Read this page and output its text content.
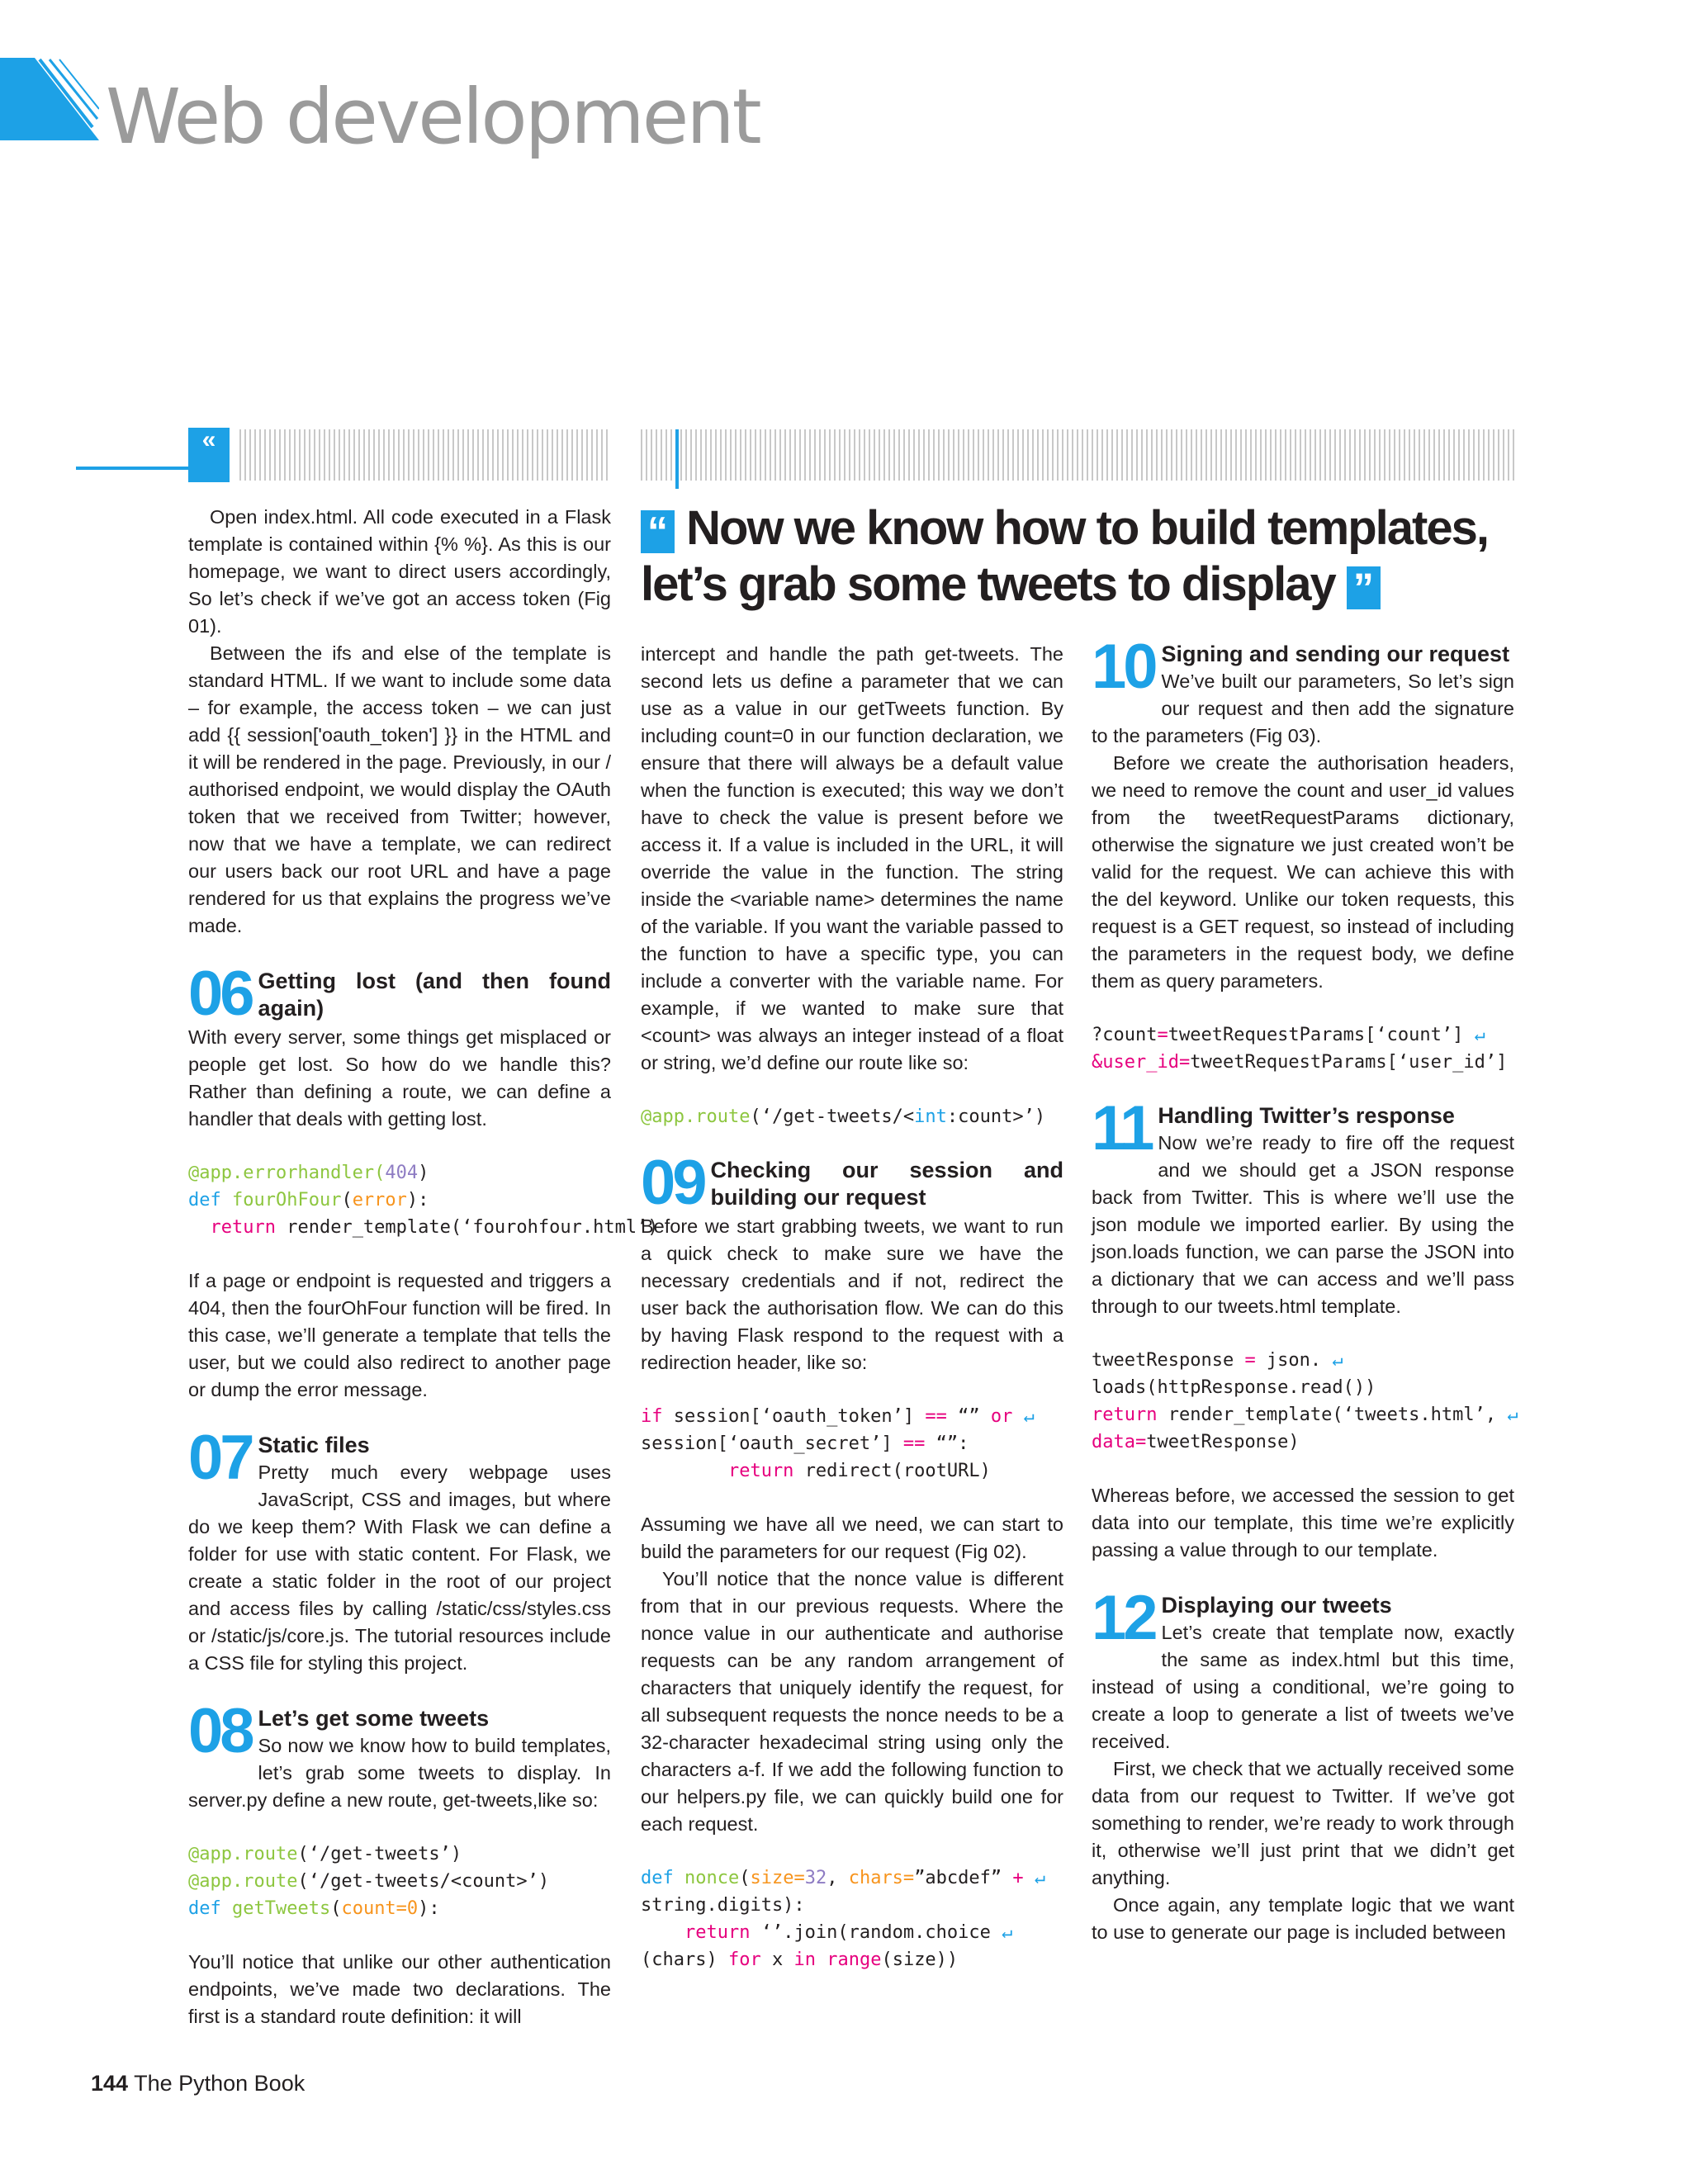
Web development
«
“ Now we know how to build templates, let’s grab some tweets to display ”

Open index.html. All code executed in a Flask template is contained within {% %}. As this is our homepage, we want to direct users accordingly, So let’s check if we’ve got an access token (Fig 01).

Between the ifs and else of the template is standard HTML. If we want to include some data – for example, the access token – we can just add {{ session['oauth_token'] }} in the HTML and it will be rendered in the page. Previously, in our / authorised endpoint, we would display the OAuth token that we received from Twitter; however, now that we have a template, we can redirect our users back our root URL and have a page rendered for us that explains the progress we’ve made.

06 Getting lost (and then found again)

With every server, some things get misplaced or people get lost. So how do we handle this? Rather than defining a route, we can define a handler that deals with getting lost.

@app.errorhandler(404)
def fourOhFour(error):
return render_template(‘fourohfour.html’)

If a page or endpoint is requested and triggers a 404, then the fourOhFour function will be fired. In this case, we’ll generate a template that tells the user, but we could also redirect to another page or dump the error message.

07 Static files

Pretty much every webpage uses JavaScript, CSS and images, but where do we keep them? With Flask we can define a folder for use with static content. For Flask, we create a static folder in the root of our project and access files by calling /static/css/styles.css or /static/js/core.js. The tutorial resources include a CSS file for styling this project.

08 Let’s get some tweets

So now we know how to build templates, let’s grab some tweets to display. In server.py define a new route, get-tweets,like so:

@app.route(‘/get-tweets’)
@app.route(‘/get-tweets/<count>’)
def getTweets(count=0):

You’ll notice that unlike our other authentication endpoints, we’ve made two declarations. The first is a standard route definition: it will

intercept and handle the path get-tweets. The second lets us define a parameter that we can use as a value in our getTweets function. By including count=0 in our function declaration, we ensure that there will always be a default value when the function is executed; this way we don’t have to check the value is present before we access it. If a value is included in the URL, it will override the value in the function. The string inside the <variable name> determines the name of the variable. If you want the variable passed to the function to have a specific type, you can include a converter with the variable name. For example, if we wanted to make sure that <count> was always an integer instead of a float or string, we’d define our route like so:

@app.route(‘/get-tweets/<int:count>’)
09 Checking our session and building our request

Before we start grabbing tweets, we want to run a quick check to make sure we have the necessary credentials and if not, redirect the user back the authorisation flow. We can do this by having Flask respond to the request with a redirection header, like so:

if session[‘oauth_token’] == “” or ↵
session[‘oauth_secret’] == “”:
return redirect(rootURL)

Assuming we have all we need, we can start to build the parameters for our request (Fig 02).

You’ll notice that the nonce value is different from that in our previous requests. Where the nonce value in our authenticate and authorise requests can be any random arrangement of characters that uniquely identify the request, for all subsequent requests the nonce needs to be a 32-character hexadecimal string using only the characters a-f. If we add the following function to our helpers.py file, we can quickly build one for each request.

def nonce(size=32, chars=”abcdef” + ↵
string.digits):
return ‘’.join(random.choice ↵
(chars) for x in range(size))
10 Signing and sending our request

We’ve built our parameters, So let’s sign our request and then add the signature to the parameters (Fig 03).

Before we create the authorisation headers, we need to remove the count and user_id values from the tweetRequestParams dictionary, otherwise the signature we just created won’t be valid for the request. We can achieve this with the del keyword. Unlike our token requests, this request is a GET request, so instead of including the parameters in the request body, we define them as query parameters.

?count=tweetRequestParams[‘count’] ↵
&user_id=tweetRequestParams[‘user_id’]
11 Handling Twitter’s response

Now we’re ready to fire off the request and we should get a JSON response back from Twitter. This is where we’ll use the json module we imported earlier. By using the json.loads function, we can parse the JSON into a dictionary that we can access and we’ll pass through to our tweets.html template.

tweetResponse = json. ↵
loads(httpResponse.read())
return render_template(‘tweets.html’, ↵
data=tweetResponse)

Whereas before, we accessed the session to get data into our template, this time we’re explicitly passing a value through to our template.

12 Displaying our tweets

Let’s create that template now, exactly the same as index.html but this time, instead of using a conditional, we’re going to create a loop to generate a list of tweets we’ve received.

First, we check that we actually received some data from our request to Twitter. If we’ve got something to render, we’re ready to work through it, otherwise we’ll just print that we didn’t get anything.

Once again, any template logic that we want to use to generate our page is included between

144 The Python Book
